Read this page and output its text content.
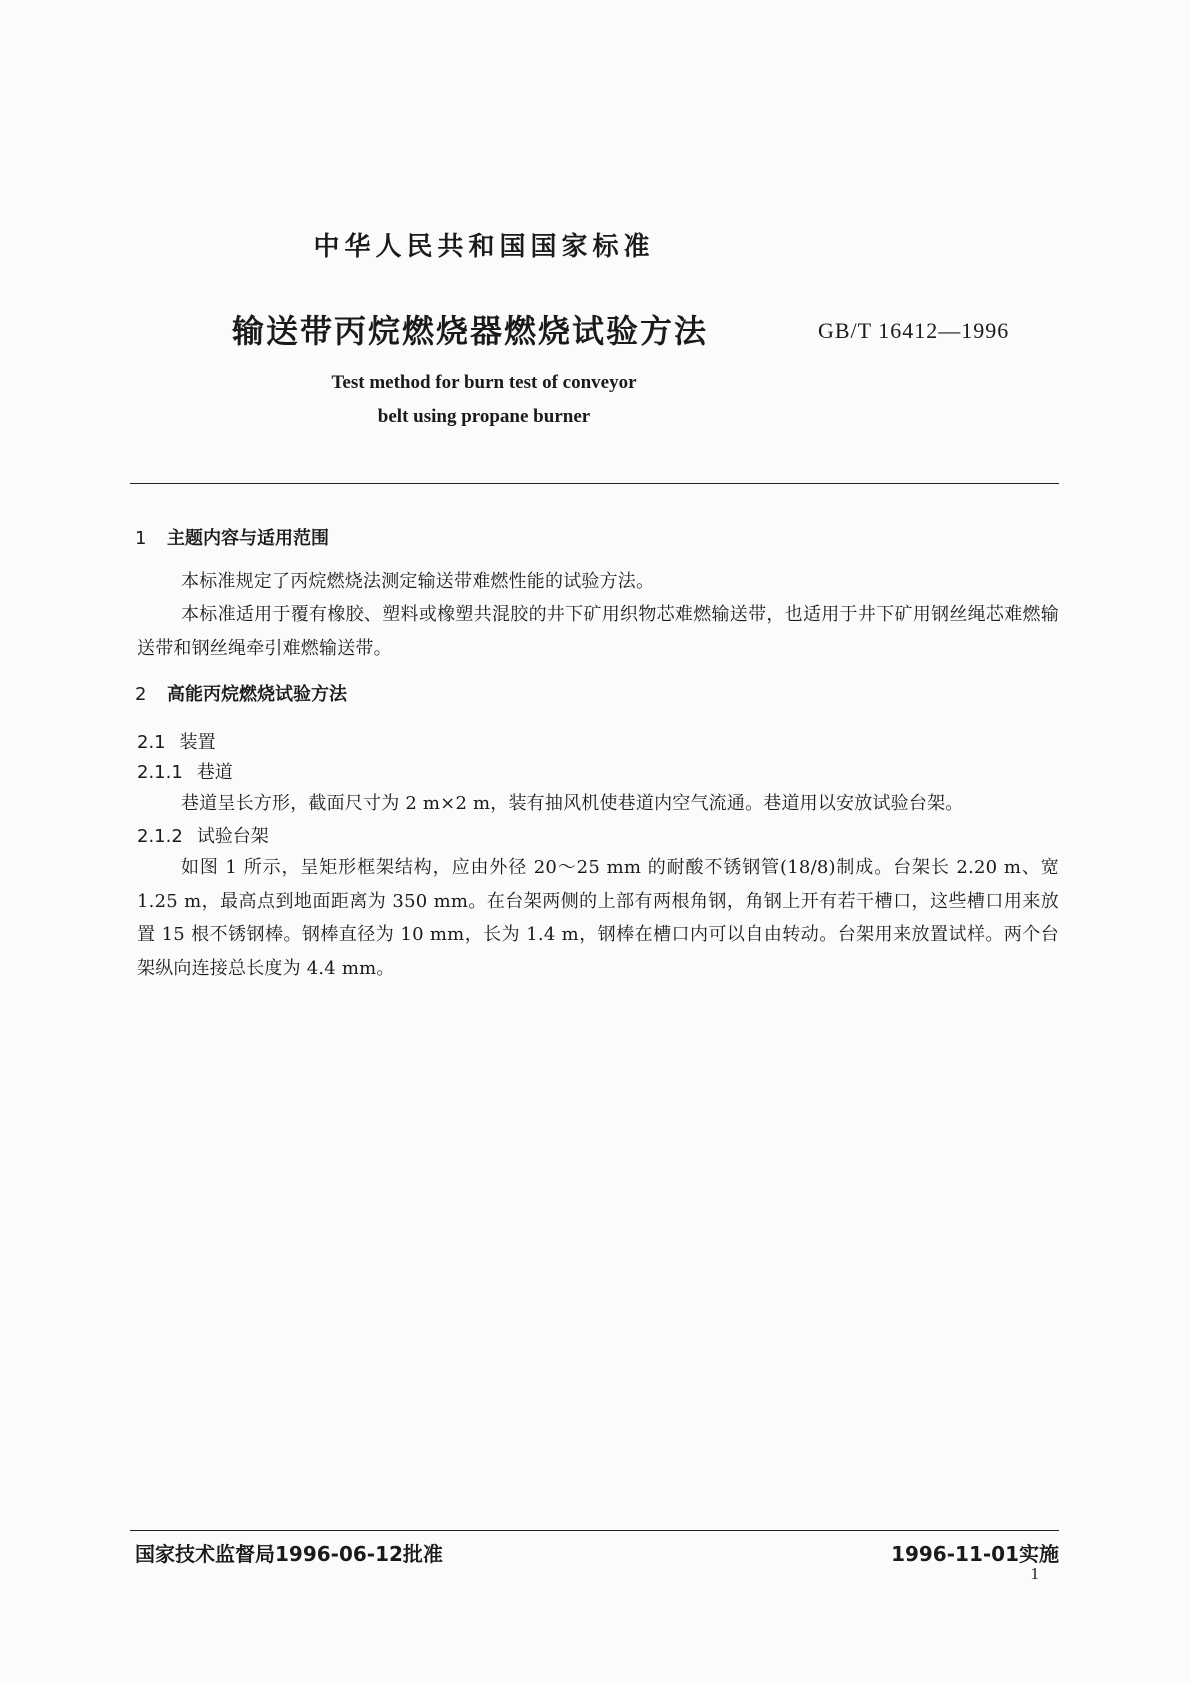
中华人民共和国国家标准
输送带丙烷燃烧器燃烧试验方法	GB/T 16412—1996
Test method for burn test of conveyor
belt using propane burner
1 主题内容与适用范围
本标准规定了丙烷燃烧法测定输送带难燃性能的试验方法。
本标准适用于覆有橡胶、塑料或橡塑共混胶的井下矿用织物芯难燃输送带，也适用于井下矿用钢丝绳芯难燃输送带和钢丝绳牵引难燃输送带。
2 高能丙烷燃烧试验方法
2.1 装置
2.1.1 巷道
巷道呈长方形，截面尺寸为 2 m×2 m，装有抽风机使巷道内空气流通。巷道用以安放试验台架。
2.1.2 试验台架
如图 1 所示，呈矩形框架结构，应由外径 20～25 mm 的耐酸不锈钢管(18/8)制成。台架长 2.20 m、宽 1.25 m，最高点到地面距离为 350 mm。在台架两侧的上部有两根角钢，角钢上开有若干槽口，这些槽口用来放置 15 根不锈钢棒。钢棒直径为 10 mm，长为 1.4 m，钢棒在槽口内可以自由转动。台架用来放置试样。两个台架纵向连接总长度为 4.4 mm。
国家技术监督局1996-06-12批准	1996-11-01实施
1
